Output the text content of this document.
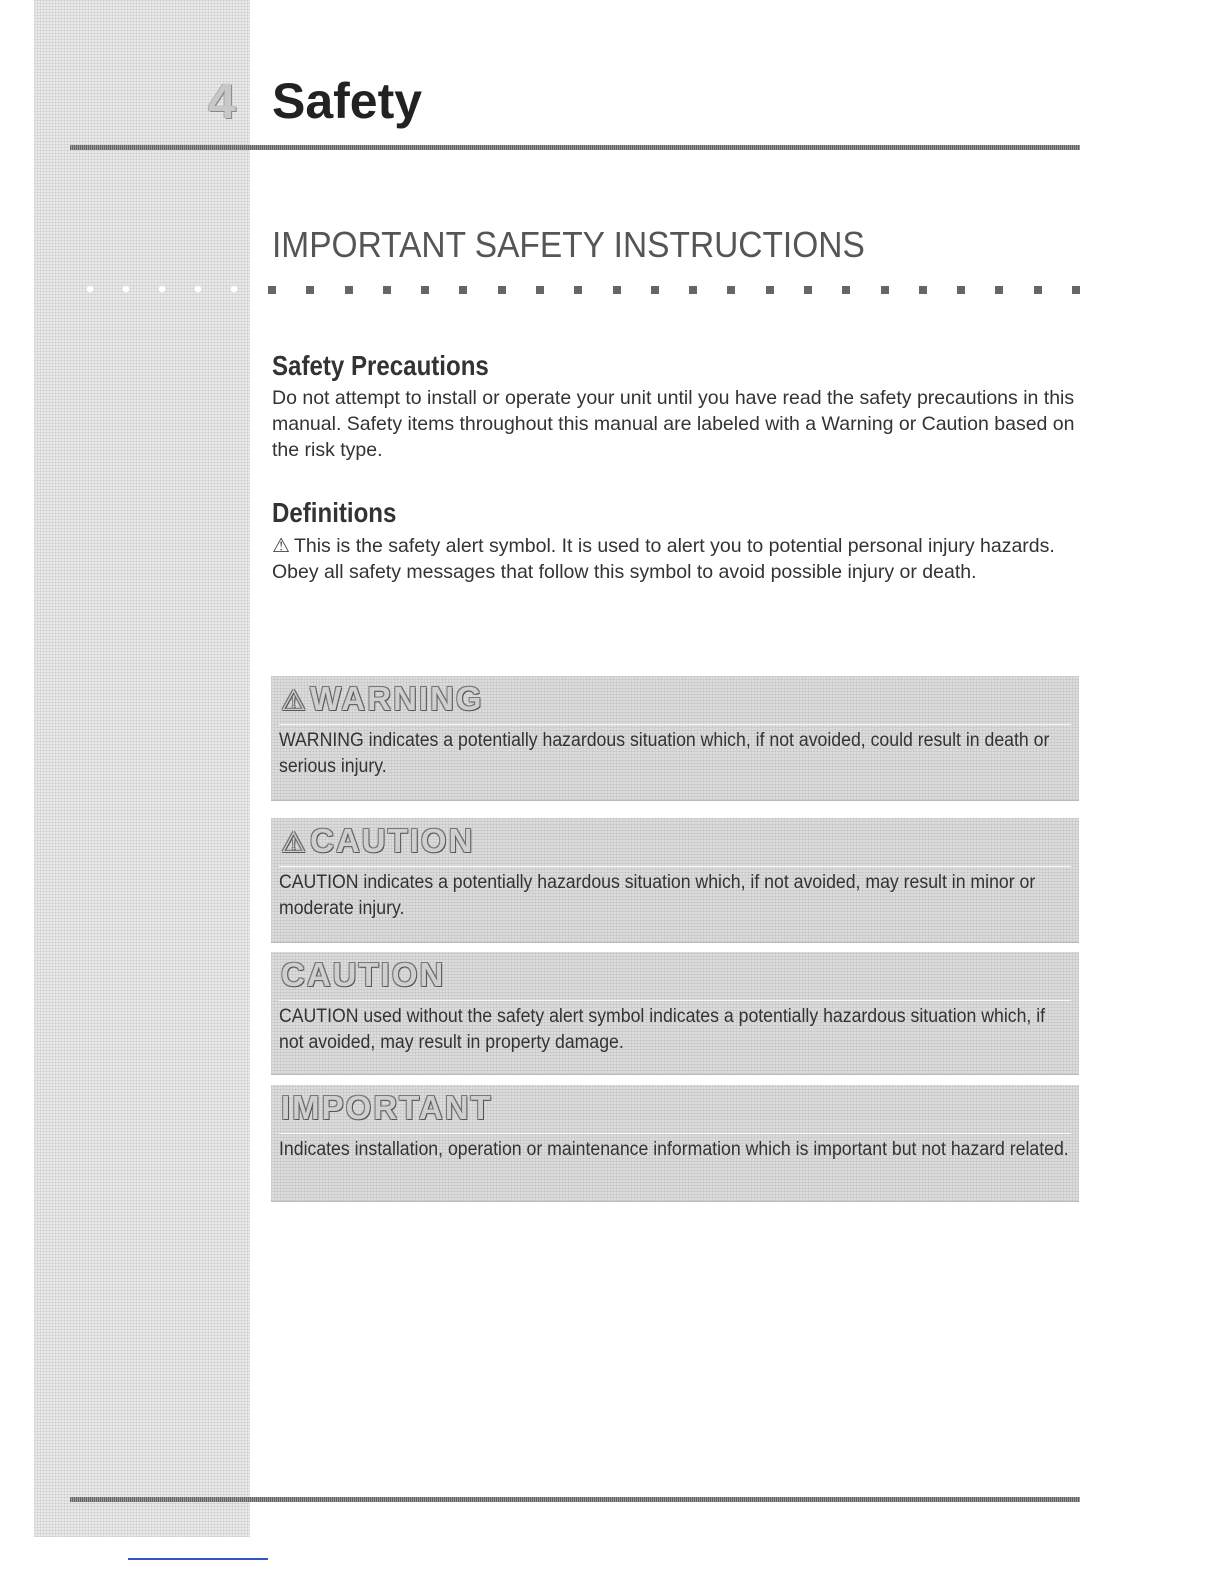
4 Safety
IMPORTANT SAFETY INSTRUCTIONS
Safety Precautions
Do not attempt to install or operate your unit until you have read the safety precautions in this manual. Safety items throughout this manual are labeled with a Warning or Caution based on the risk type.
Definitions
⚠ This is the safety alert symbol. It is used to alert you to potential personal injury hazards. Obey all safety messages that follow this symbol to avoid possible injury or death.
⚠WARNING
WARNING indicates a potentially hazardous situation which, if not avoided, could result in death or serious injury.
⚠CAUTION
CAUTION indicates a potentially hazardous situation which, if not avoided, may result in minor or moderate injury.
CAUTION
CAUTION used without the safety alert symbol indicates a potentially hazardous situation which, if not avoided, may result in property damage.
IMPORTANT
Indicates installation, operation or maintenance information which is important but not hazard related.
